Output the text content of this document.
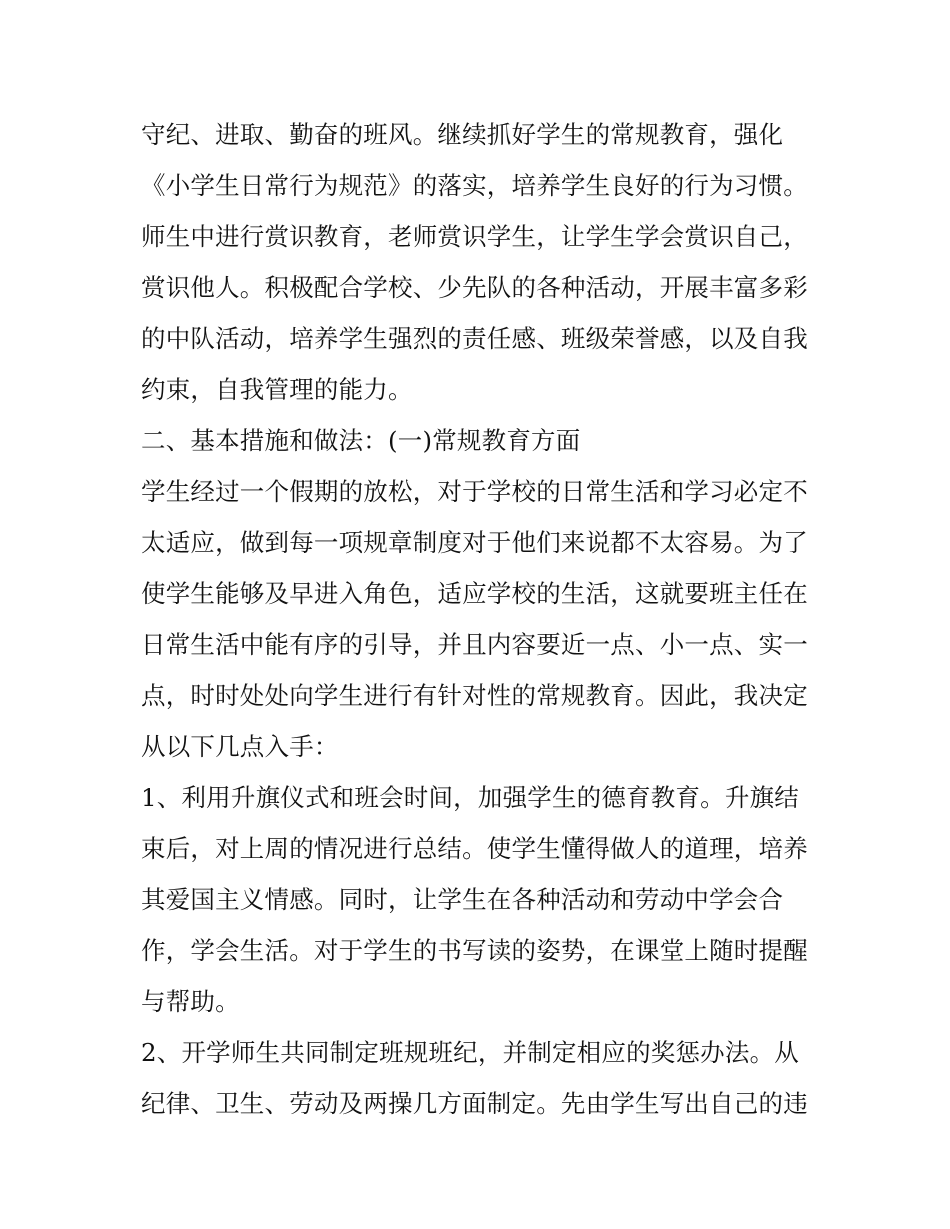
守纪、进取、勤奋的班风。继续抓好学生的常规教育，强化
《小学生日常行为规范》的落实，培养学生良好的行为习惯。
师生中进行赏识教育，老师赏识学生，让学生学会赏识自己，
赏识他人。积极配合学校、少先队的各种活动，开展丰富多彩
的中队活动，培养学生强烈的责任感、班级荣誉感，以及自我
约束，自我管理的能力。
二、基本措施和做法：(一)常规教育方面
学生经过一个假期的放松，对于学校的日常生活和学习必定不
太适应，做到每一项规章制度对于他们来说都不太容易。为了
使学生能够及早进入角色，适应学校的生活，这就要班主任在
日常生活中能有序的引导，并且内容要近一点、小一点、实一
点，时时处处向学生进行有针对性的常规教育。因此，我决定
从以下几点入手：
1、利用升旗仪式和班会时间，加强学生的德育教育。升旗结
束后，对上周的情况进行总结。使学生懂得做人的道理，培养
其爱国主义情感。同时，让学生在各种活动和劳动中学会合
作，学会生活。对于学生的书写读的姿势，在课堂上随时提醒
与帮助。
2、开学师生共同制定班规班纪，并制定相应的奖惩办法。从
纪律、卫生、劳动及两操几方面制定。先由学生写出自己的违
